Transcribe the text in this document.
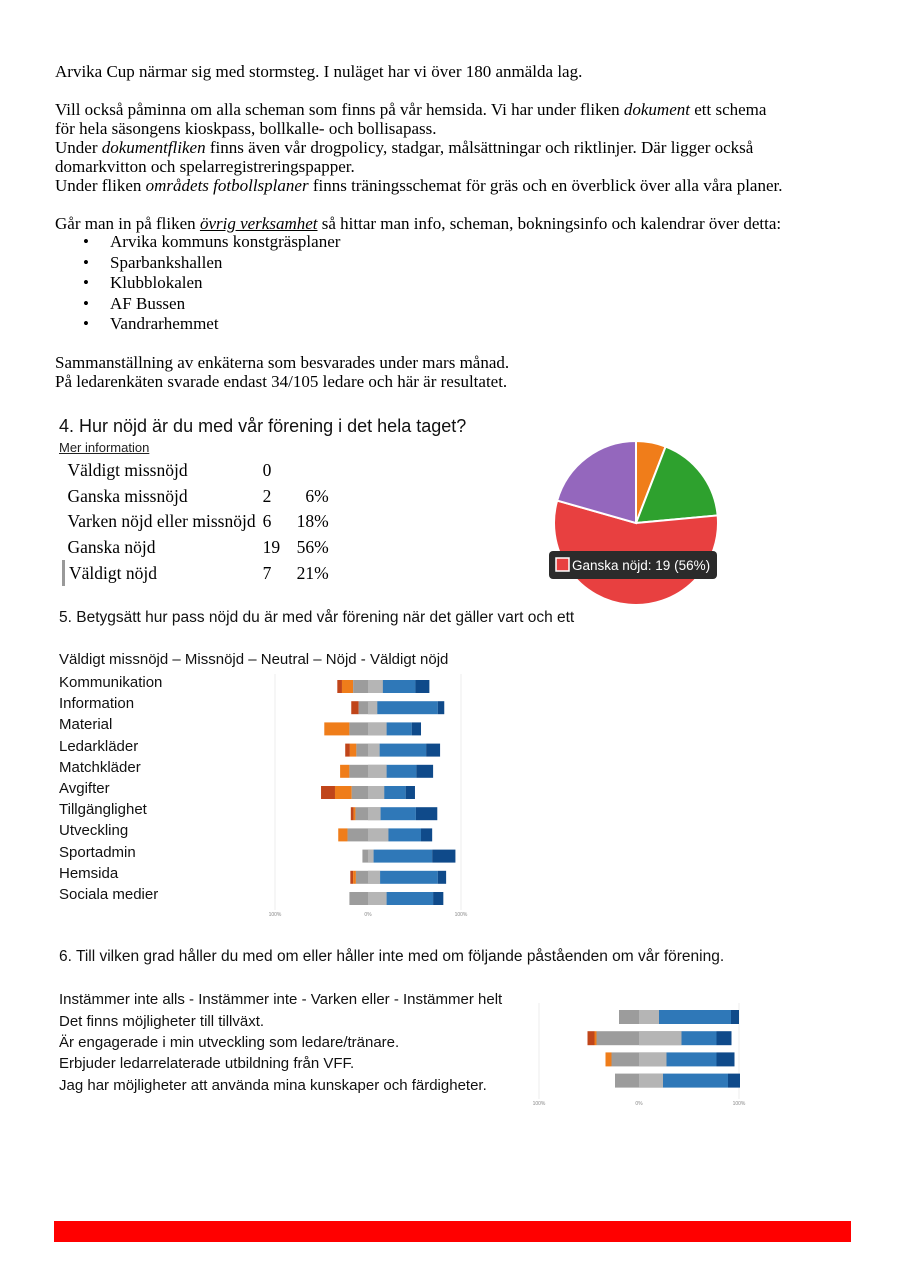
Arvika Cup närmar sig med stormsteg. I nuläget har vi över 180 anmälda lag.

Vill också påminna om alla scheman som finns på vår hemsida. Vi har under fliken dokument ett schema
för hela säsongens kioskpass, bollkalle- och bollisapass.

Under dokumentfliken finns även vår drogpolicy, stadgar, målsättningar och riktlinjer. Där ligger också
domarkvitton och spelarregistreringspapper.

Under fliken områdets fotbollsplaner finns träningsschemat för gräs och en överblick över alla våra planer.

Går man in på fliken övrig verksamhet så hittar man info, scheman, bokningsinfo och kalendrar över detta:

• Arvika kommuns konstgräsplaner
• Sparbankshallen
• Klubblokalen
• AF Bussen
• Vandrarhemmet

Sammanställning av enkäterna som besvarades under mars månad.

På ledarenkäten svarade endast 34/105 ledare och här är resultatet.

4. Hur nöjd är du med vår förening i det hela taget?
Mer information
Väldigt missnöjd	0	
Ganska missnöjd	2	6%
Varken nöjd eller missnöjd	6	18%
Ganska nöjd	19	56%
Väldigt nöjd	7	21%	Ganska nöjd: 19 (56%)
5. Betygsätt hur pass nöjd du är med vår förening när det gäller vart och ett
Väldigt missnöjd – Missnöjd – Neutral – Nöjd - Väldigt nöjd
Kommunikation
Information
Material
Ledarkläder
Matchkläder
Avgifter
Tillgänglighet
Utveckling
Sportadmin
Hemsida
Sociala medier
100%	0%	100%
6. Till vilken grad håller du med om eller håller inte med om följande påståenden om vår förening.
Instämmer inte alls - Instämmer inte - Varken eller - Instämmer helt
Det finns möjligheter till tillväxt.
Är engagerade i min utveckling som ledare/tränare.
Erbjuder ledarrelaterade utbildning från VFF.
Jag har möjligheter att använda mina kunskaper och färdigheter.
100%	0%	100%
